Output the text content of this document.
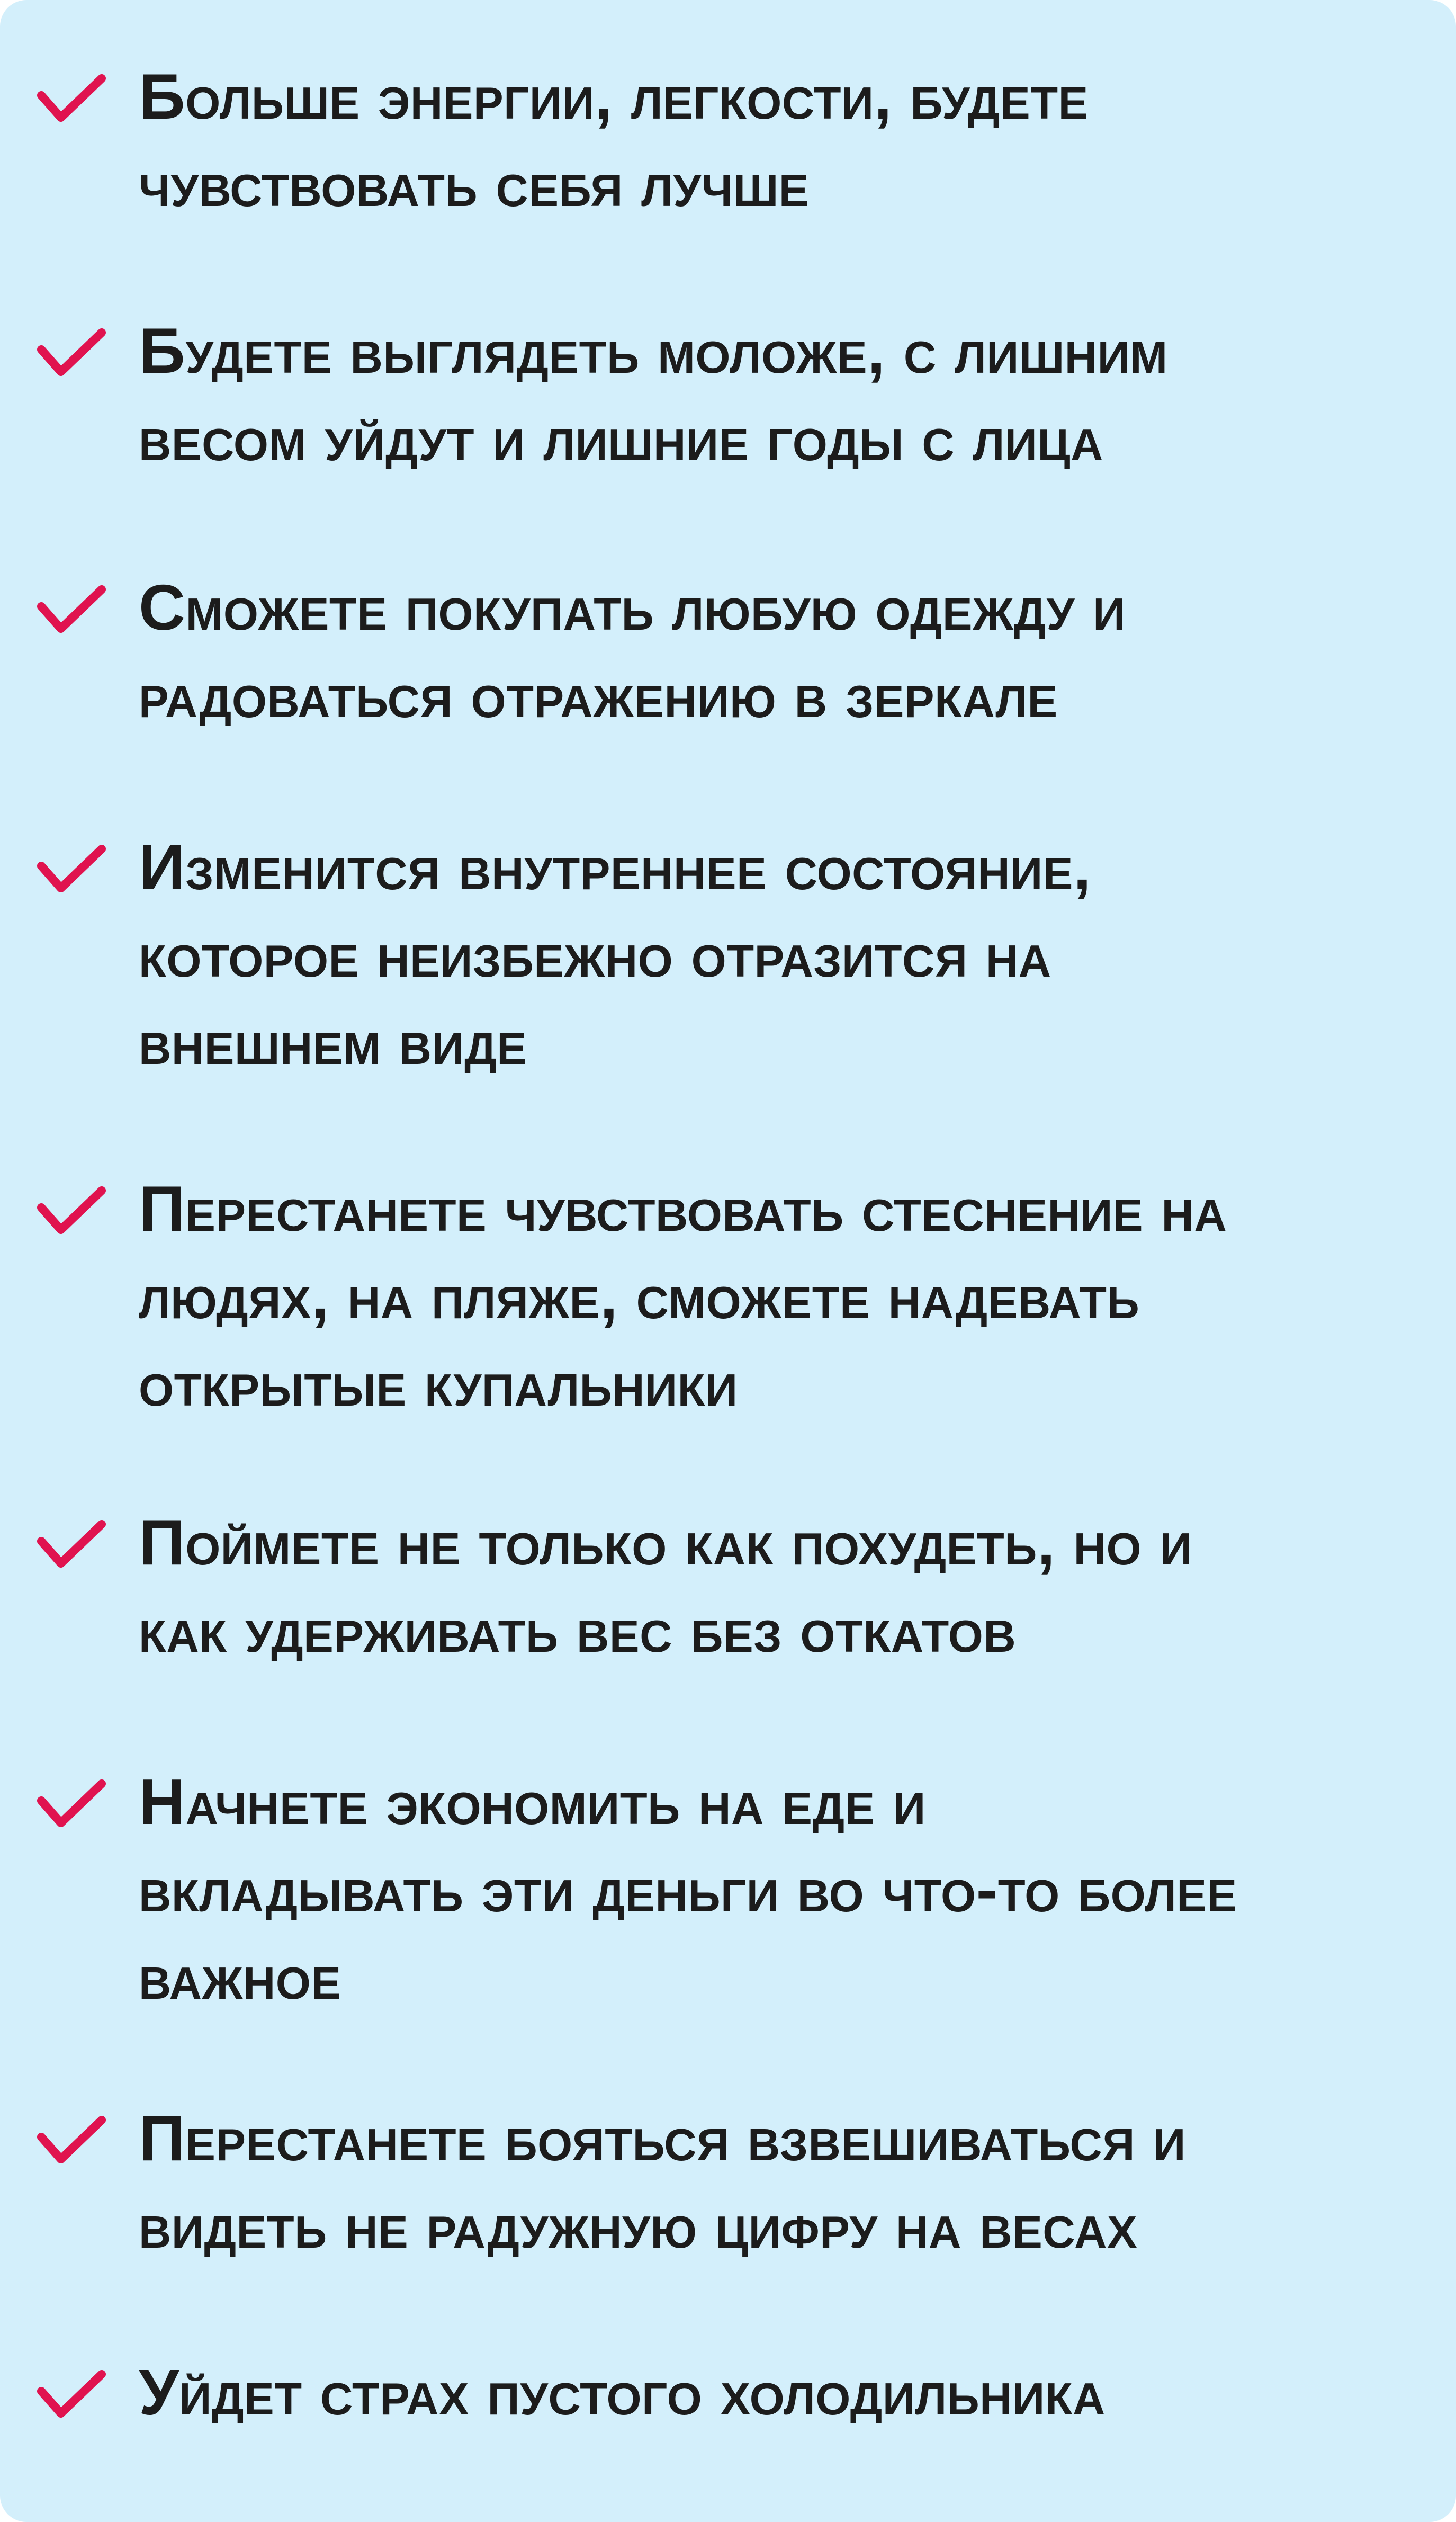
Больше энергии, легкости, будете
чувствовать себя лучше
Будете выглядеть моложе, с лишним
весом уйдут и лишние годы с лица
Сможете покупать любую одежду и
радоваться отражению в зеркале
Изменится внутреннее состояние,
которое неизбежно отразится на
внешнем виде
Перестанете чувствовать стеснение на
людях, на пляже, сможете надевать
открытые купальники
Поймете не только как похудеть, но и
как удерживать вес без откатов
Начнете экономить на еде и
вкладывать эти деньги во что-то более
важное
Перестанете бояться взвешиваться и
видеть не радужную цифру на весах
Уйдет страх пустого холодильника
